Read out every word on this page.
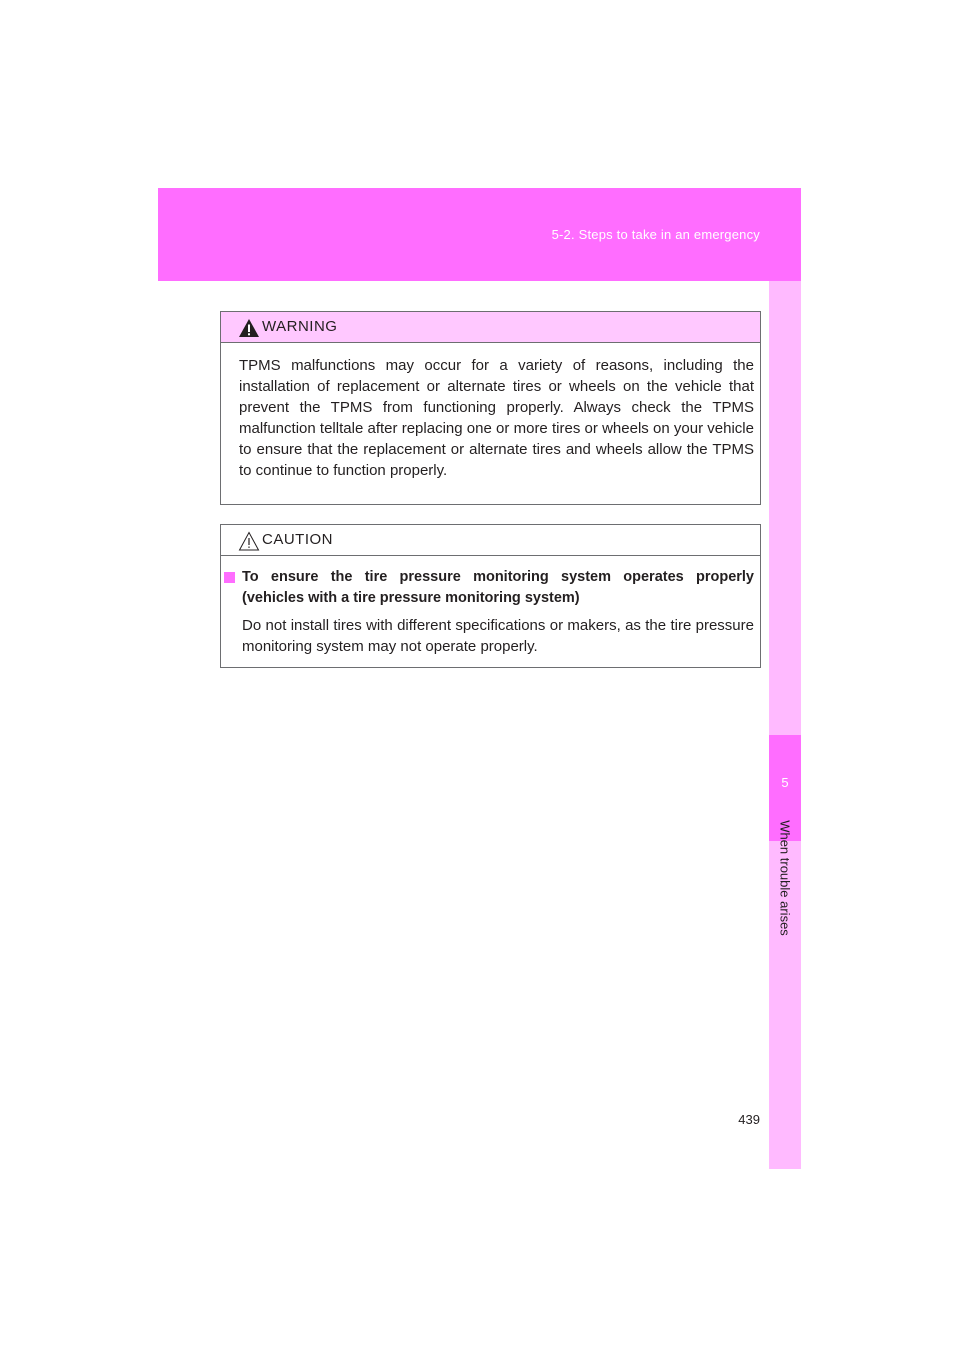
5-2. Steps to take in an emergency
5
When trouble arises
WARNING
TPMS malfunctions may occur for a variety of reasons, including the installation of replacement or alternate tires or wheels on the vehicle that prevent the TPMS from functioning properly. Always check the TPMS malfunction telltale after replacing one or more tires or wheels on your vehicle to ensure that the replacement or alternate tires and wheels allow the TPMS to continue to function properly.
CAUTION
To ensure the tire pressure monitoring system operates properly (vehicles with a tire pressure monitoring system)
Do not install tires with different specifications or makers, as the tire pressure monitoring system may not operate properly.
439
